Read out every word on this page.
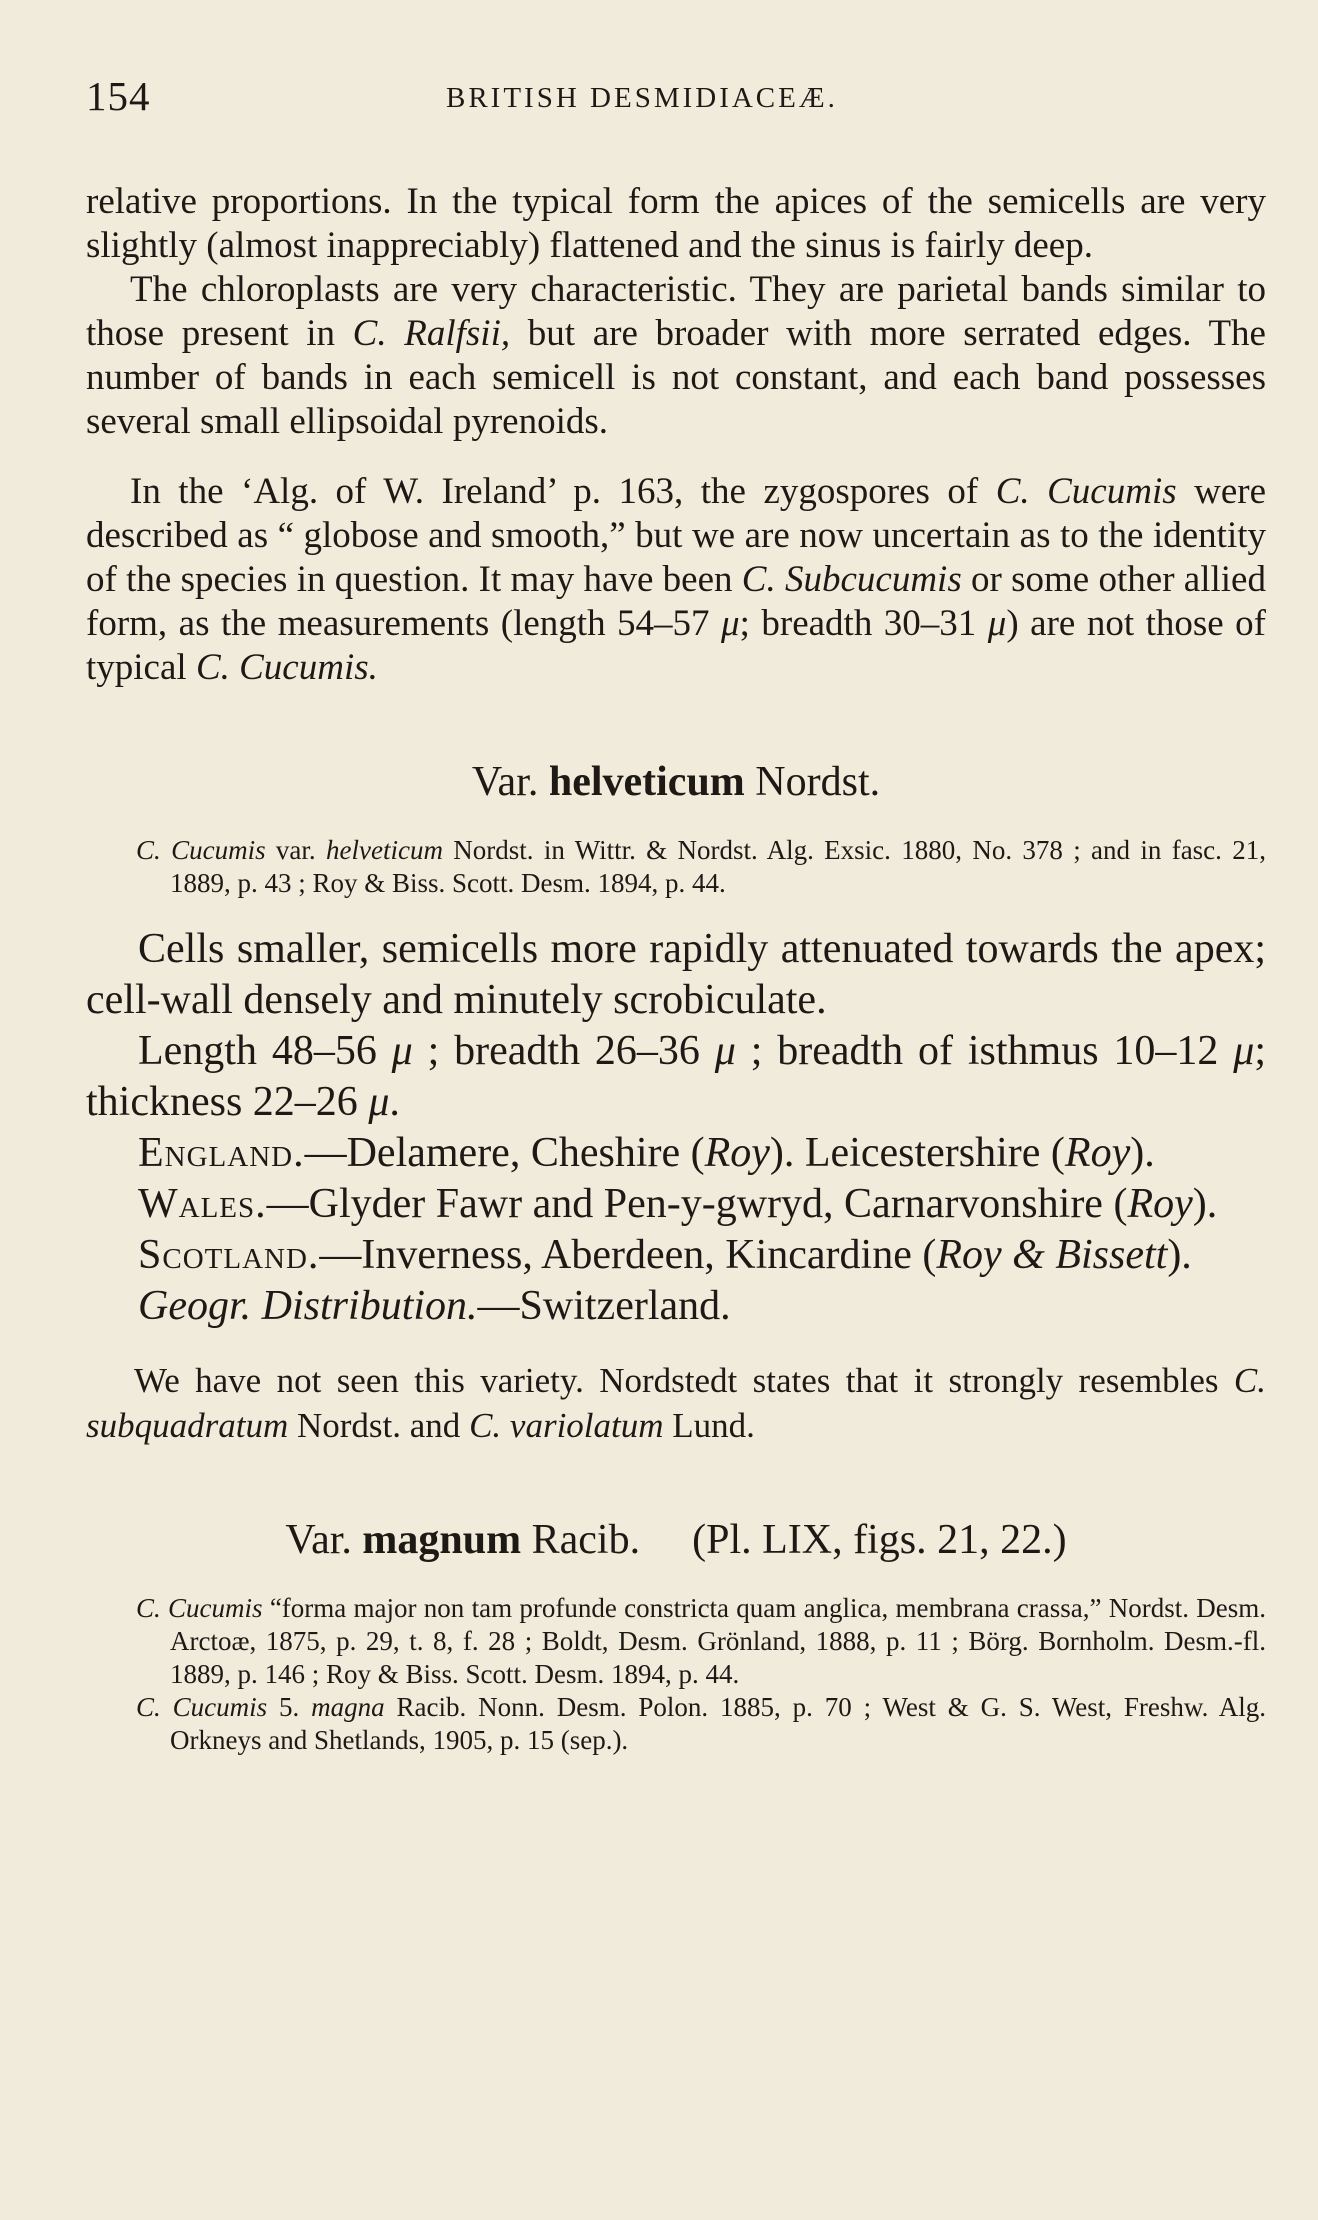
154	BRITISH DESMIDIACEÆ.

relative proportions. In the typical form the apices of the semicells are very slightly (almost inappreciably) flattened and the sinus is fairly deep.

The chloroplasts are very characteristic. They are parietal bands similar to those present in C. Ralfsii, but are broader with more serrated edges. The number of bands in each semicell is not constant, and each band possesses several small ellipsoidal pyrenoids.

In the ‘Alg. of W. Ireland’ p. 163, the zygospores of C. Cucumis were described as “ globose and smooth,” but we are now uncertain as to the identity of the species in question. It may have been C. Subcucumis or some other allied form, as the measurements (length 54–57 μ; breadth 30–31 μ) are not those of typical C. Cucumis.

Var. helveticum Nordst.

C. Cucumis var. helveticum Nordst. in Wittr. & Nordst. Alg. Exsic. 1880, No. 378 ; and in fasc. 21, 1889, p. 43 ; Roy & Biss. Scott. Desm. 1894, p. 44.

Cells smaller, semicells more rapidly attenuated towards the apex; cell-wall densely and minutely scrobiculate.

Length 48–56 μ ; breadth 26–36 μ ; breadth of isthmus 10–12 μ; thickness 22–26 μ.

England.—Delamere, Cheshire (Roy). Leicestershire (Roy).

Wales.—Glyder Fawr and Pen-y-gwryd, Carnarvonshire (Roy).

Scotland.—Inverness, Aberdeen, Kincardine (Roy & Bissett).

Geogr. Distribution.—Switzerland.

We have not seen this variety. Nordstedt states that it strongly resembles C. subquadratum Nordst. and C. variolatum Lund.

Var. magnum Racib. (Pl. LIX, figs. 21, 22.)

C. Cucumis “forma major non tam profunde constricta quam anglica, membrana crassa,” Nordst. Desm. Arctoæ, 1875, p. 29, t. 8, f. 28 ; Boldt, Desm. Grönland, 1888, p. 11 ; Börg. Bornholm. Desm.-fl. 1889, p. 146 ; Roy & Biss. Scott. Desm. 1894, p. 44.

C. Cucumis 5. magna Racib. Nonn. Desm. Polon. 1885, p. 70 ; West & G. S. West, Freshw. Alg. Orkneys and Shetlands, 1905, p. 15 (sep.).
